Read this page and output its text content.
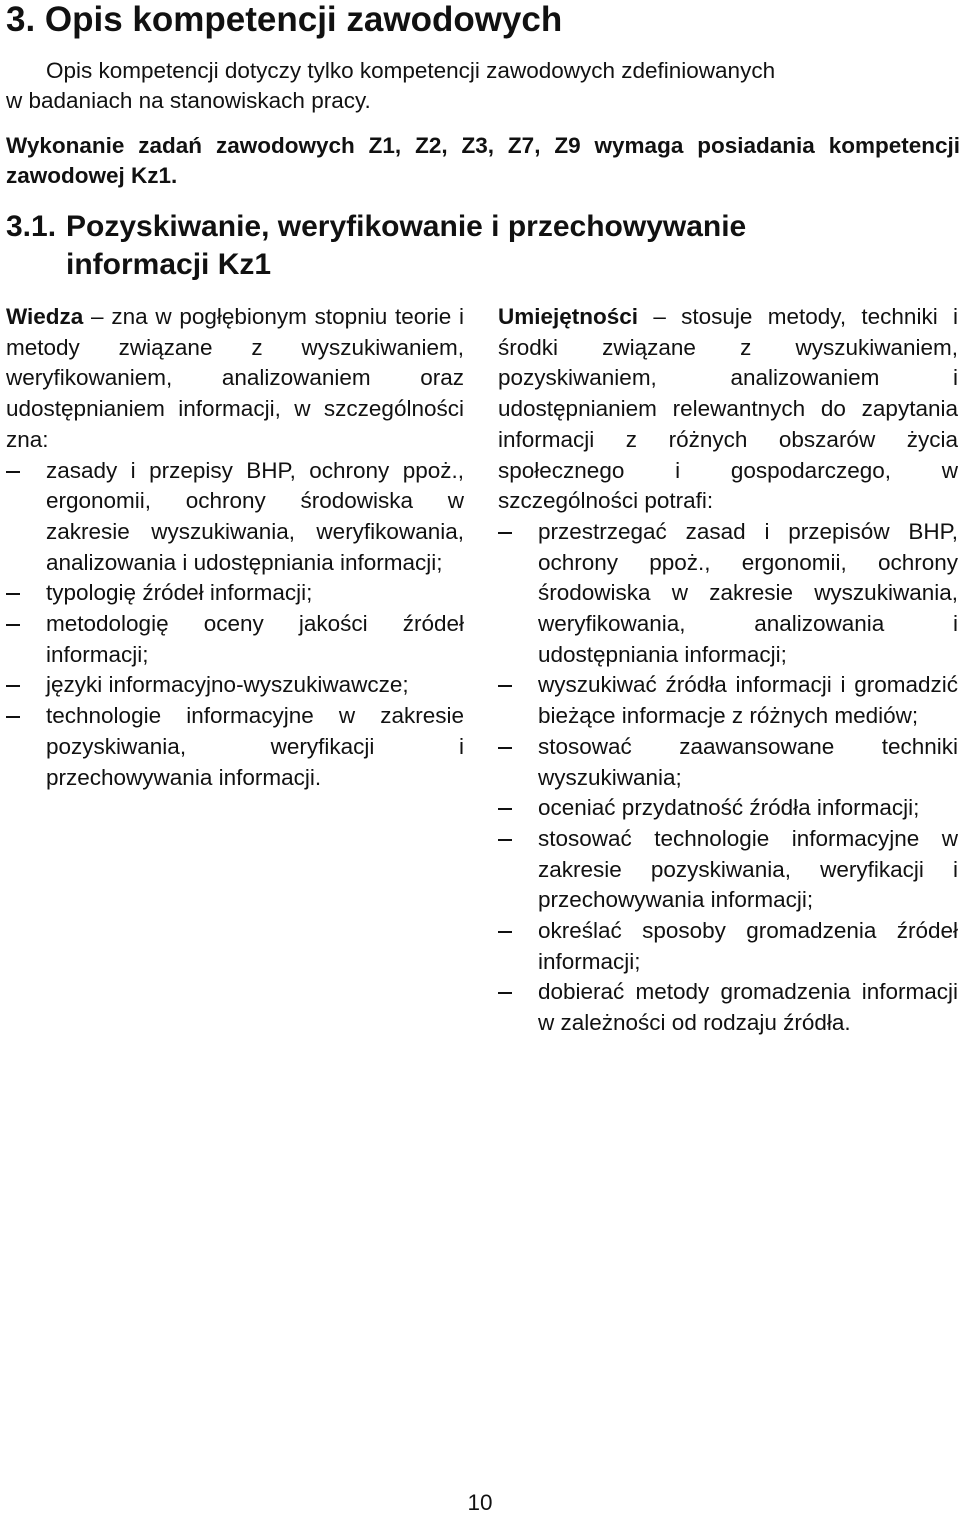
3. Opis kompetencji zawodowych

Opis kompetencji dotyczy tylko kompetencji zawodowych zdefiniowanych
w badaniach na stanowiskach pracy.

Wykonanie zadań zawodowych Z1, Z2, Z3, Z7, Z9 wymaga posiadania kompetencji zawodowej Kz1.

3.1. Pozyskiwanie, weryfikowanie i przechowywanie
informacji Kz1

Wiedza – zna w pogłębionym stopniu teorie i metody związane z wyszukiwaniem, weryfikowaniem, analizowaniem oraz udostępnianiem informacji, w szczególności zna:

zasady i przepisy BHP, ochrony ppoż., ergonomii, ochrony środowiska w zakresie wyszukiwania, weryfikowania, analizowania i udostępniania informacji;
typologię źródeł informacji;
metodologię oceny jakości źródeł informacji;
języki informacyjno-wyszukiwawcze;
technologie informacyjne w zakresie pozyskiwania, weryfikacji i przechowywania informacji.

Umiejętności – stosuje metody, techniki i środki związane z wyszukiwaniem, pozyskiwaniem, analizowaniem i udostępnianiem relewantnych do zapytania informacji z różnych obszarów życia społecznego i gospodarczego, w szczególności potrafi:

przestrzegać zasad i przepisów BHP, ochrony ppoż., ergonomii, ochrony środowiska w zakresie wyszukiwania, weryfikowania, analizowania i udostępniania informacji;
wyszukiwać źródła informacji i gromadzić bieżące informacje z różnych mediów;
stosować zaawansowane techniki wyszukiwania;
oceniać przydatność źródła informacji;
stosować technologie informacyjne w zakresie pozyskiwania, weryfikacji i przechowywania informacji;
określać sposoby gromadzenia źródeł informacji;
dobierać metody gromadzenia informacji w zależności od rodzaju źródła.
10
